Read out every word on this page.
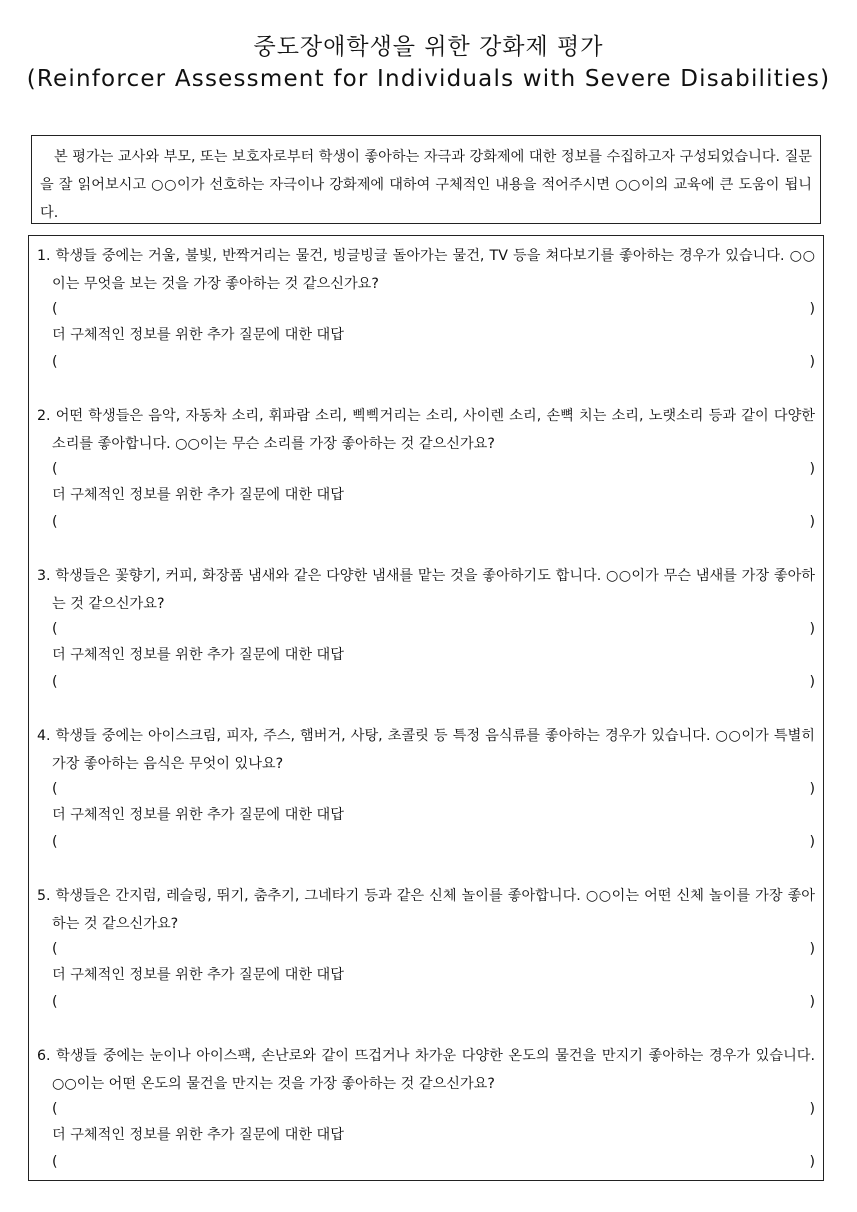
중도장애학생을 위한 강화제 평가
(Reinforcer Assessment for Individuals with Severe Disabilities)
본 평가는 교사와 부모, 또는 보호자로부터 학생이 좋아하는 자극과 강화제에 대한 정보를 수집하고자 구성되었습니다. 질문을 잘 읽어보시고 ○○이가 선호하는 자극이나 강화제에 대하여 구체적인 내용을 적어주시면 ○○이의 교육에 큰 도움이 됩니다.
1. 학생들 중에는 거울, 불빛, 반짝거리는 물건, 빙글빙글 돌아가는 물건, TV 등을 쳐다보기를 좋아하는 경우가 있습니다. ○○이는 무엇을 보는 것을 가장 좋아하는 것 같으신가요?
(	)
더 구체적인 정보를 위한 추가 질문에 대한 대답
(	)
2. 어떤 학생들은 음악, 자동차 소리, 휘파람 소리, 삑삑거리는 소리, 사이렌 소리, 손뼉 치는 소리, 노랫소리 등과 같이 다양한 소리를 좋아합니다. ○○이는 무슨 소리를 가장 좋아하는 것 같으신가요?
(	)
더 구체적인 정보를 위한 추가 질문에 대한 대답
(	)
3. 학생들은 꽃향기, 커피, 화장품 냄새와 같은 다양한 냄새를 맡는 것을 좋아하기도 합니다. ○○이가 무슨 냄새를 가장 좋아하는 것 같으신가요?
(	)
더 구체적인 정보를 위한 추가 질문에 대한 대답
(	)
4. 학생들 중에는 아이스크림, 피자, 주스, 햄버거, 사탕, 초콜릿 등 특정 음식류를 좋아하는 경우가 있습니다. ○○이가 특별히 가장 좋아하는 음식은 무엇이 있나요?
(	)
더 구체적인 정보를 위한 추가 질문에 대한 대답
(	)
5. 학생들은 간지럼, 레슬링, 뛰기, 춤추기, 그네타기 등과 같은 신체 놀이를 좋아합니다. ○○이는 어떤 신체 놀이를 가장 좋아하는 것 같으신가요?
(	)
더 구체적인 정보를 위한 추가 질문에 대한 대답
(	)
6. 학생들 중에는 눈이나 아이스팩, 손난로와 같이 뜨겁거나 차가운 다양한 온도의 물건을 만지기 좋아하는 경우가 있습니다. ○○이는 어떤 온도의 물건을 만지는 것을 가장 좋아하는 것 같으신가요?
(	)
더 구체적인 정보를 위한 추가 질문에 대한 대답
(	)
